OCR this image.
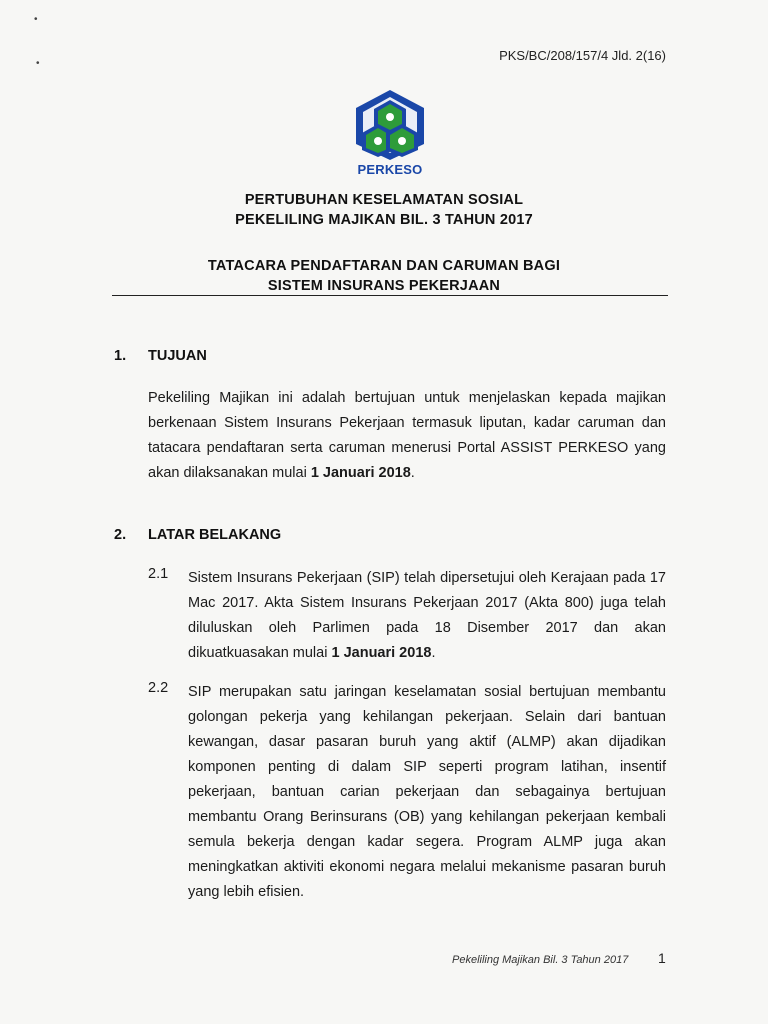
•
•
PKS/BC/208/157/4 Jld. 2(16)
PERKESO
PERTUBUHAN KESELAMATAN SOSIAL
PEKELILING MAJIKAN BIL. 3 TAHUN 2017
TATACARA PENDAFTARAN DAN CARUMAN BAGI
SISTEM INSURANS PEKERJAAN
1. TUJUAN
Pekeliling Majikan ini adalah bertujuan untuk menjelaskan kepada majikan berkenaan Sistem Insurans Pekerjaan termasuk liputan, kadar caruman dan tatacara pendaftaran serta caruman menerusi Portal ASSIST PERKESO yang akan dilaksanakan mulai 1 Januari 2018.
2. LATAR BELAKANG
2.1 Sistem Insurans Pekerjaan (SIP) telah dipersetujui oleh Kerajaan pada 17 Mac 2017. Akta Sistem Insurans Pekerjaan 2017 (Akta 800) juga telah diluluskan oleh Parlimen pada 18 Disember 2017 dan akan dikuatkuasakan mulai 1 Januari 2018.
2.2 SIP merupakan satu jaringan keselamatan sosial bertujuan membantu golongan pekerja yang kehilangan pekerjaan. Selain dari bantuan kewangan, dasar pasaran buruh yang aktif (ALMP) akan dijadikan komponen penting di dalam SIP seperti program latihan, insentif pekerjaan, bantuan carian pekerjaan dan sebagainya bertujuan membantu Orang Berinsurans (OB) yang kehilangan pekerjaan kembali semula bekerja dengan kadar segera. Program ALMP juga akan meningkatkan aktiviti ekonomi negara melalui mekanisme pasaran buruh yang lebih efisien.
Pekeliling Majikan Bil. 3 Tahun 2017 1
